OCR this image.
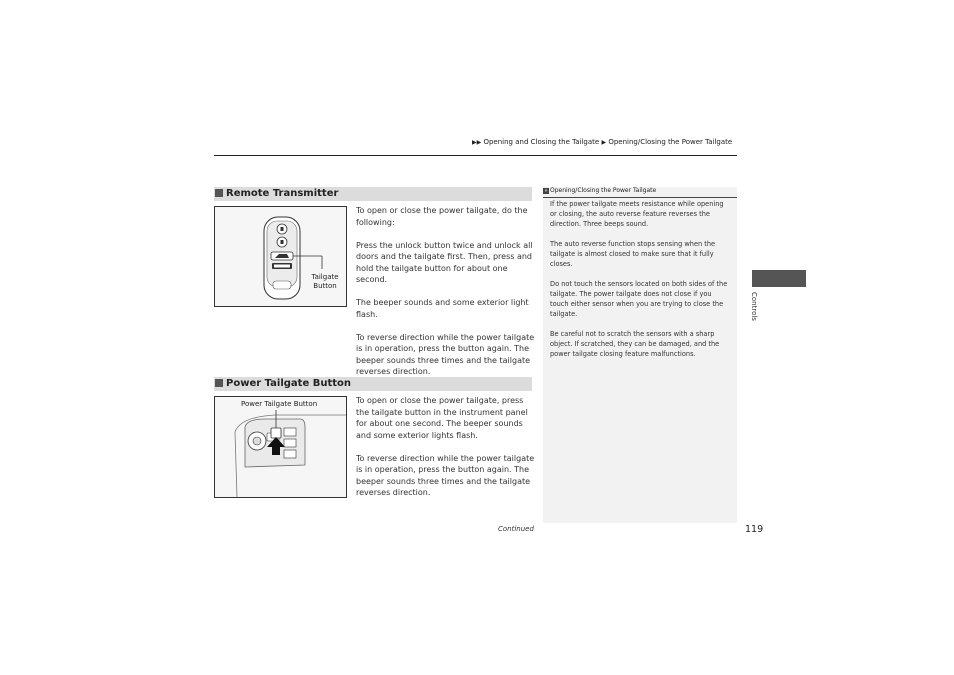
▶▶ Opening and Closing the Tailgate ▶ Opening/Closing the Power Tailgate
Remote Transmitter
Tailgate
Button

To open or close the power tailgate, do the following:

Press the unlock button twice and unlock all doors and the tailgate first. Then, press and hold the tailgate button for about one second.

The beeper sounds and some exterior light flash.

To reverse direction while the power tailgate is in operation, press the button again. The beeper sounds three times and the tailgate reverses direction.

Power Tailgate Button
Power Tailgate Button	To open or close the power tailgate, press the tailgate button in the instrument panel for about one second. The beeper sounds and some exterior lights flash.

To reverse direction while the power tailgate is in operation, press the button again. The beeper sounds three times and the tailgate reverses direction.

» Opening/Closing the Power Tailgate

If the power tailgate meets resistance while opening or closing, the auto reverse feature reverses the direction. Three beeps sound.

The auto reverse function stops sensing when the tailgate is almost closed to make sure that it fully closes.

Do not touch the sensors located on both sides of the tailgate. The power tailgate does not close if you touch either sensor when you are trying to close the tailgate.

Be careful not to scratch the sensors with a sharp object. If scratched, they can be damaged, and the power tailgate closing feature malfunctions.

Controls
Continued	119
